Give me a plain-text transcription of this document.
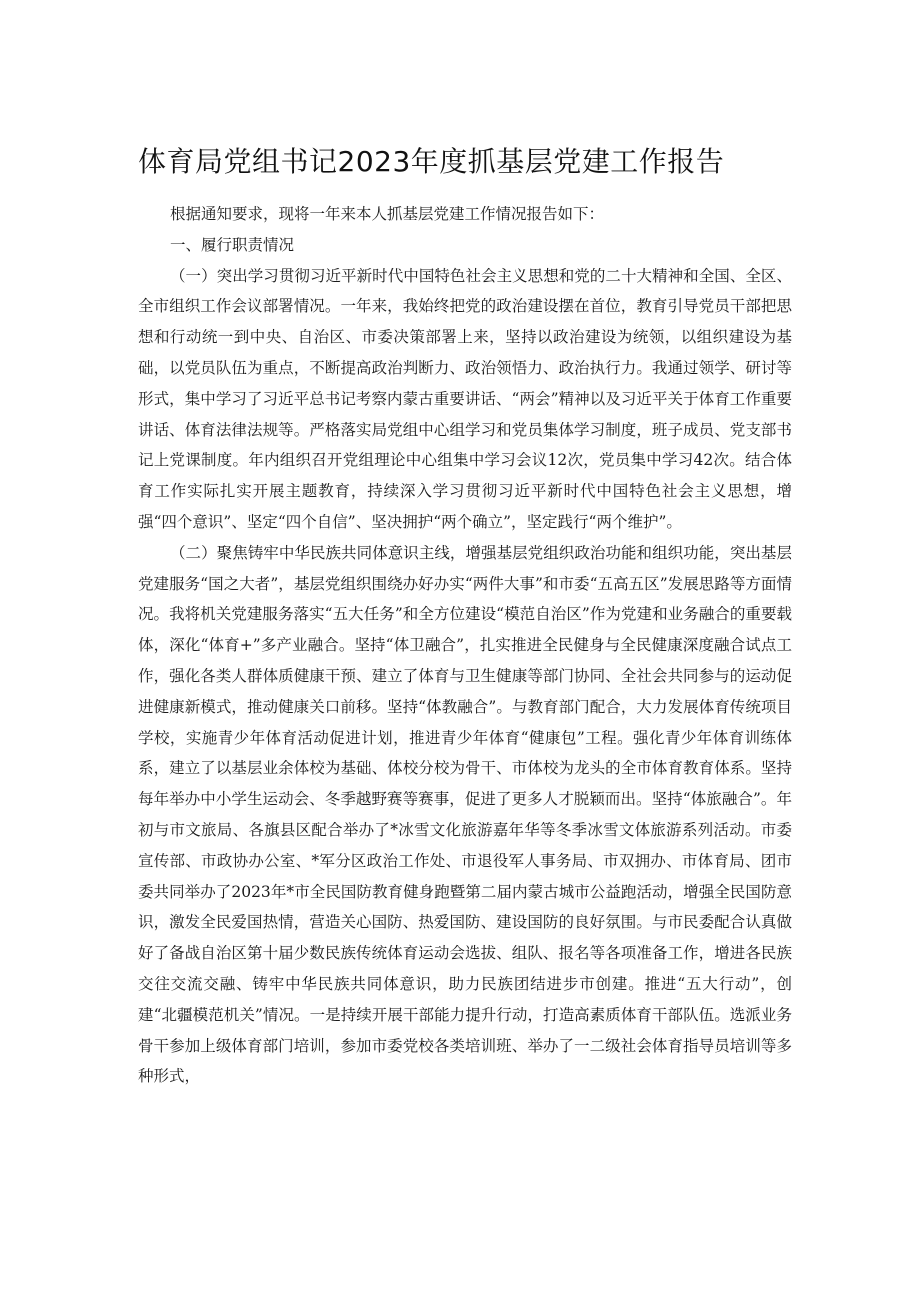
体育局党组书记2023年度抓基层党建工作报告

根据通知要求，现将一年来本人抓基层党建工作情况报告如下：

一、履行职责情况

（一）突出学习贯彻习近平新时代中国特色社会主义思想和党的二十大精神和全国、全区、全市组织工作会议部署情况。一年来，我始终把党的政治建设摆在首位，教育引导党员干部把思想和行动统一到中央、自治区、市委决策部署上来，坚持以政治建设为统领，以组织建设为基础，以党员队伍为重点，不断提高政治判断力、政治领悟力、政治执行力。我通过领学、研讨等形式，集中学习了习近平总书记考察内蒙古重要讲话、“两会”精神以及习近平关于体育工作重要讲话、体育法律法规等。严格落实局党组中心组学习和党员集体学习制度，班子成员、党支部书记上党课制度。年内组织召开党组理论中心组集中学习会议12次，党员集中学习42次。结合体育工作实际扎实开展主题教育，持续深入学习贯彻习近平新时代中国特色社会主义思想，增强“四个意识”、坚定“四个自信”、坚决拥护“两个确立”，坚定践行“两个维护”。

（二）聚焦铸牢中华民族共同体意识主线，增强基层党组织政治功能和组织功能，突出基层党建服务“国之大者”，基层党组织围绕办好办实“两件大事”和市委“五高五区”发展思路等方面情况。我将机关党建服务落实“五大任务”和全方位建设“模范自治区”作为党建和业务融合的重要载体，深化“体育+”多产业融合。坚持“体卫融合”，扎实推进全民健身与全民健康深度融合试点工作，强化各类人群体质健康干预、建立了体育与卫生健康等部门协同、全社会共同参与的运动促进健康新模式，推动健康关口前移。坚持“体教融合”。与教育部门配合，大力发展体育传统项目学校，实施青少年体育活动促进计划，推进青少年体育“健康包”工程。强化青少年体育训练体系，建立了以基层业余体校为基础、体校分校为骨干、市体校为龙头的全市体育教育体系。坚持每年举办中小学生运动会、冬季越野赛等赛事，促进了更多人才脱颖而出。坚持“体旅融合”。年初与市文旅局、各旗县区配合举办了*冰雪文化旅游嘉年华等冬季冰雪文体旅游系列活动。市委宣传部、市政协办公室、*军分区政治工作处、市退役军人事务局、市双拥办、市体育局、团市委共同举办了2023年*市全民国防教育健身跑暨第二届内蒙古城市公益跑活动，增强全民国防意识，激发全民爱国热情，营造关心国防、热爱国防、建设国防的良好氛围。与市民委配合认真做好了备战自治区第十届少数民族传统体育运动会选拔、组队、报名等各项准备工作，增进各民族交往交流交融、铸牢中华民族共同体意识，助力民族团结进步市创建。推进“五大行动”，创建“北疆模范机关”情况。一是持续开展干部能力提升行动，打造高素质体育干部队伍。选派业务骨干参加上级体育部门培训，参加市委党校各类培训班、举办了一二级社会体育指导员培训等多种形式，
